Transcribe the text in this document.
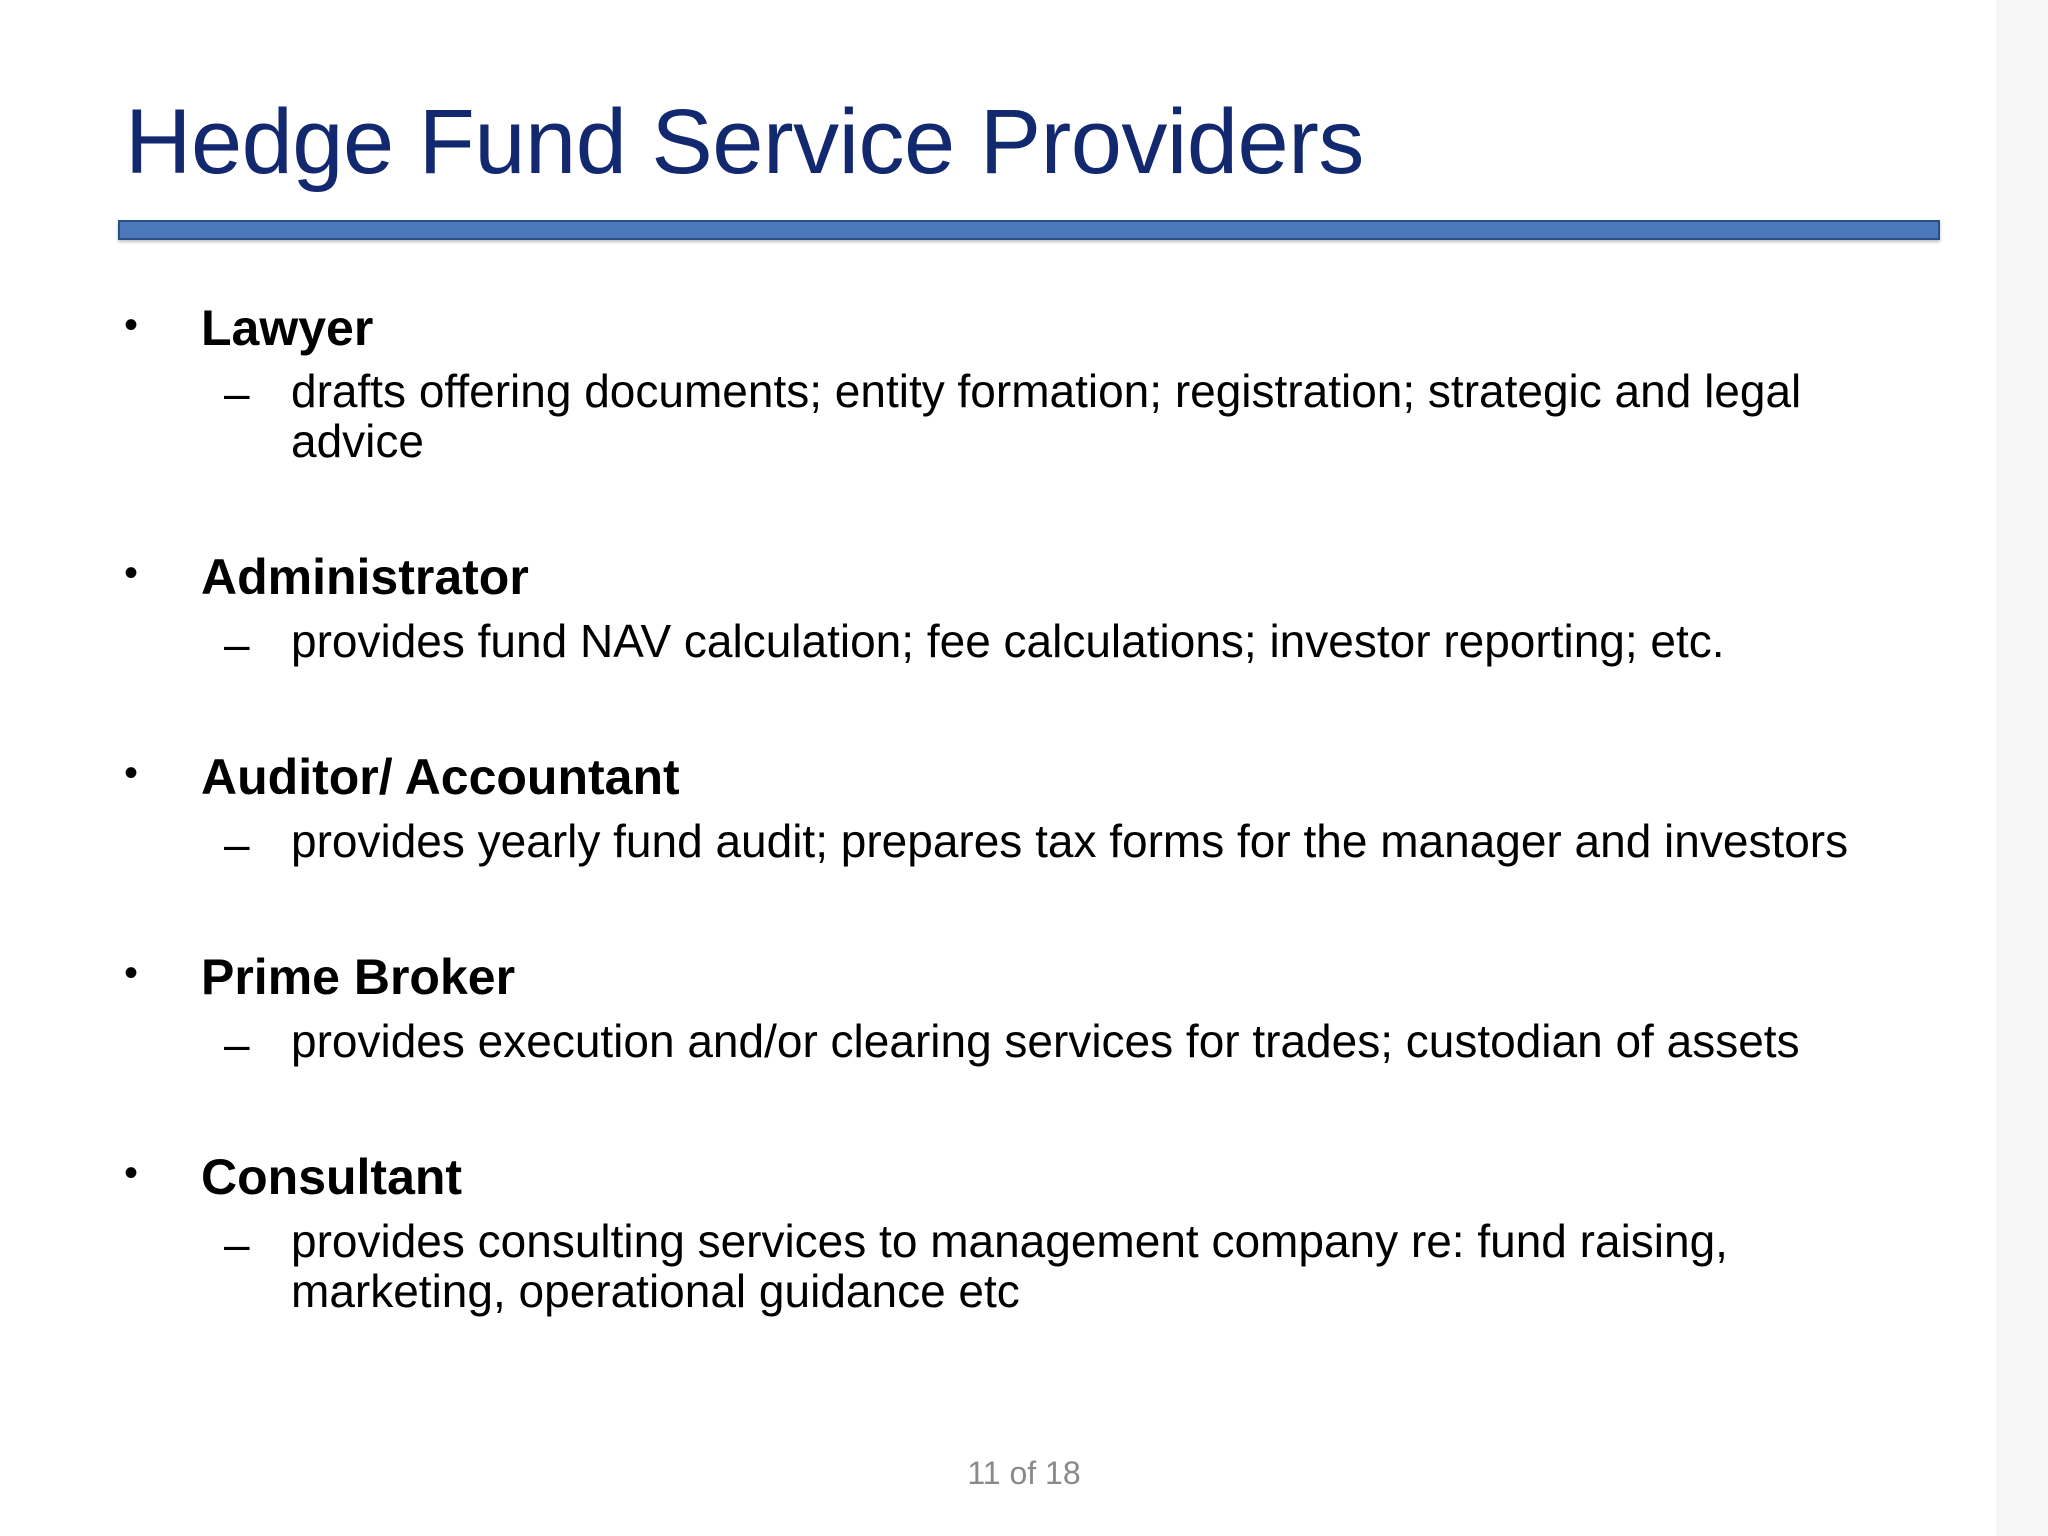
Hedge Fund Service Providers
• Lawyer
– drafts offering documents; entity formation; registration; strategic and legal advice
• Administrator
– provides fund NAV calculation; fee calculations; investor reporting; etc.
• Auditor/ Accountant
– provides yearly fund audit; prepares tax forms for the manager and investors
• Prime Broker
– provides execution and/or clearing services for trades; custodian of assets
• Consultant
– provides consulting services to management company re: fund raising, marketing, operational guidance etc
11 of 18
